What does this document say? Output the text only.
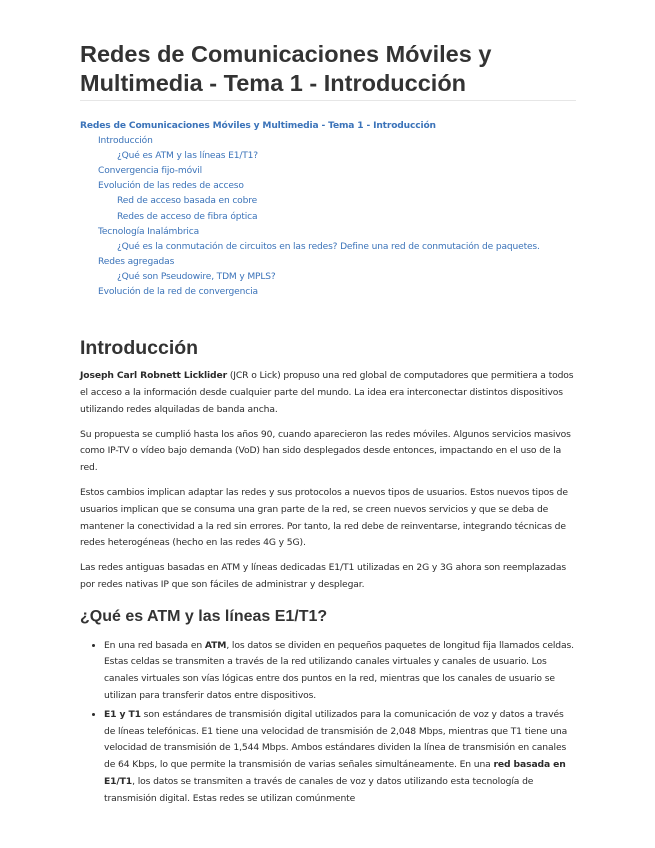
Redes de Comunicaciones Móviles y Multimedia - Tema 1 - Introducción
Redes de Comunicaciones Móviles y Multimedia - Tema 1 - Introducción
Introducción
¿Qué es ATM y las líneas E1/T1?
Convergencia fijo-móvil
Evolución de las redes de acceso
Red de acceso basada en cobre
Redes de acceso de fibra óptica
Tecnología Inalámbrica
¿Qué es la conmutación de circuitos en las redes? Define una red de conmutación de paquetes.
Redes agregadas
¿Qué son Pseudowire, TDM y MPLS?
Evolución de la red de convergencia
Introducción

Joseph Carl Robnett Licklider (JCR o Lick) propuso una red global de computadores que permitiera a todos el acceso a la información desde cualquier parte del mundo. La idea era interconectar distintos dispositivos utilizando redes alquiladas de banda ancha.

Su propuesta se cumplió hasta los años 90, cuando aparecieron las redes móviles. Algunos servicios masivos como IP-TV o vídeo bajo demanda (VoD) han sido desplegados desde entonces, impactando en el uso de la red.

Estos cambios implican adaptar las redes y sus protocolos a nuevos tipos de usuarios. Estos nuevos tipos de usuarios implican que se consuma una gran parte de la red, se creen nuevos servicios y que se deba de mantener la conectividad a la red sin errores. Por tanto, la red debe de reinventarse, integrando técnicas de redes heterogéneas (hecho en las redes 4G y 5G).

Las redes antiguas basadas en ATM y líneas dedicadas E1/T1 utilizadas en 2G y 3G ahora son reemplazadas por redes nativas IP que son fáciles de administrar y desplegar.

¿Qué es ATM y las líneas E1/T1?
• En una red basada en ATM, los datos se dividen en pequeños paquetes de longitud fija llamados celdas. Estas celdas se transmiten a través de la red utilizando canales virtuales y canales de usuario. Los canales virtuales son vías lógicas entre dos puntos en la red, mientras que los canales de usuario se utilizan para transferir datos entre dispositivos.
• E1 y T1 son estándares de transmisión digital utilizados para la comunicación de voz y datos a través de líneas telefónicas. E1 tiene una velocidad de transmisión de 2,048 Mbps, mientras que T1 tiene una velocidad de transmisión de 1,544 Mbps. Ambos estándares dividen la línea de transmisión en canales de 64 Kbps, lo que permite la transmisión de varias señales simultáneamente. En una red basada en E1/T1, los datos se transmiten a través de canales de voz y datos utilizando esta tecnología de transmisión digital. Estas redes se utilizan comúnmente
